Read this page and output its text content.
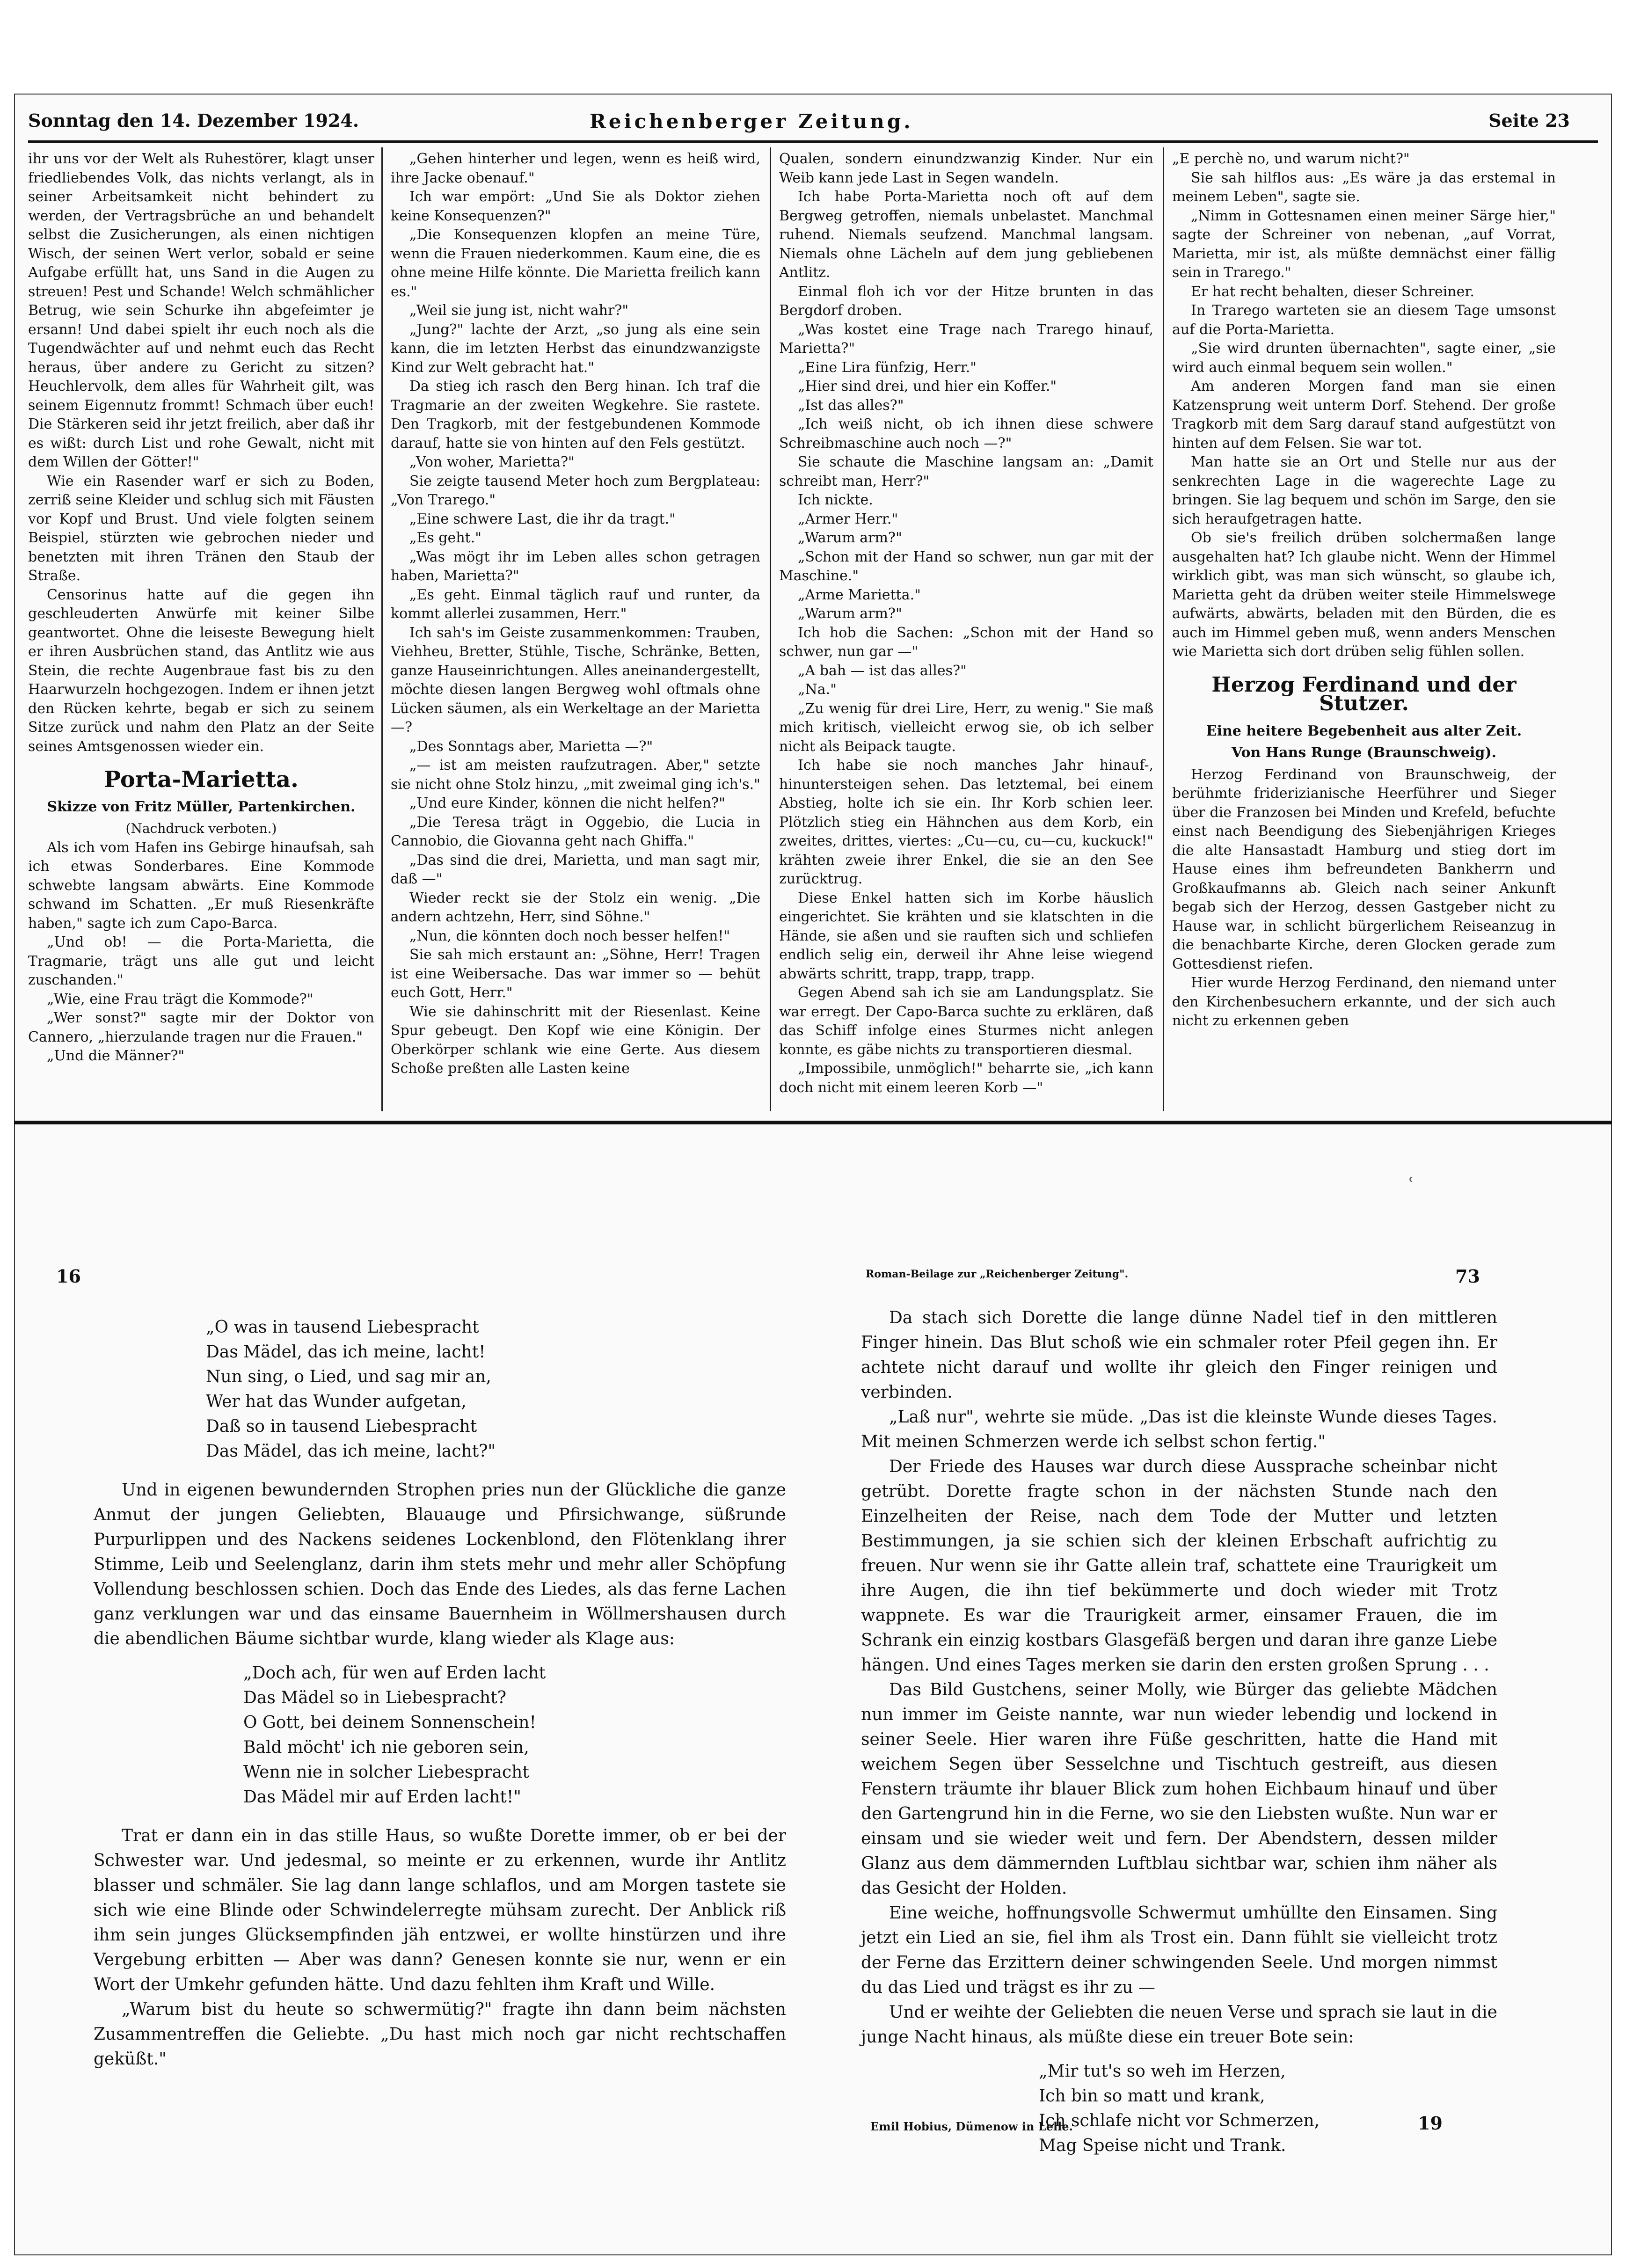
Sonntag den 14. Dezember 1924.	Reichenberger Zeitung.	Seite 23

ihr uns vor der Welt als Ruhestörer, klagt unser friedliebendes Volk, das nichts verlangt, als in seiner Arbeitsamkeit nicht behindert zu werden, der Vertragsbrüche an und behandelt selbst die Zusicherungen, als einen nichtigen Wisch, der seinen Wert verlor, sobald er seine Aufgabe erfüllt hat, uns Sand in die Augen zu streuen! Pest und Schande! Welch schmählicher Betrug, wie sein Schurke ihn abgefeimter je ersann! Und dabei spielt ihr euch noch als die Tugendwächter auf und nehmt euch das Recht heraus, über andere zu Gericht zu sitzen? Heuchlervolk, dem alles für Wahrheit gilt, was seinem Eigennutz frommt! Schmach über euch! Die Stärkeren seid ihr jetzt freilich, aber daß ihr es wißt: durch List und rohe Gewalt, nicht mit dem Willen der Götter!"

Wie ein Rasender warf er sich zu Boden, zerriß seine Kleider und schlug sich mit Fäusten vor Kopf und Brust. Und viele folgten seinem Beispiel, stürzten wie gebrochen nieder und benetzten mit ihren Tränen den Staub der Straße.

Censorinus hatte auf die gegen ihn geschleuderten Anwürfe mit keiner Silbe geantwortet. Ohne die leiseste Bewegung hielt er ihren Ausbrüchen stand, das Antlitz wie aus Stein, die rechte Augenbraue fast bis zu den Haarwurzeln hochgezogen. Indem er ihnen jetzt den Rücken kehrte, begab er sich zu seinem Sitze zurück und nahm den Platz an der Seite seines Amtsgenossen wieder ein.

Porta-Marietta.
Skizze von Fritz Müller, Partenkirchen.
(Nachdruck verboten.)

Als ich vom Hafen ins Gebirge hinaufsah, sah ich etwas Sonderbares. Eine Kommode schwebte langsam abwärts. Eine Kommode schwand im Schatten. „Er muß Riesenkräfte haben," sagte ich zum Capo-Barca.

„Und ob! — die Porta-Marietta, die Tragmarie, trägt uns alle gut und leicht zuschanden."

„Wie, eine Frau trägt die Kommode?"

„Wer sonst?" sagte mir der Doktor von Cannero, „hierzulande tragen nur die Frauen."

„Und die Männer?"

„Gehen hinterher und legen, wenn es heiß wird, ihre Jacke obenauf."

Ich war empört: „Und Sie als Doktor ziehen keine Konsequenzen?"

„Die Konsequenzen klopfen an meine Türe, wenn die Frauen niederkommen. Kaum eine, die es ohne meine Hilfe könnte. Die Marietta freilich kann es."

„Weil sie jung ist, nicht wahr?"

„Jung?" lachte der Arzt, „so jung als eine sein kann, die im letzten Herbst das einundzwanzigste Kind zur Welt gebracht hat."

Da stieg ich rasch den Berg hinan. Ich traf die Tragmarie an der zweiten Wegkehre. Sie rastete. Den Tragkorb, mit der festgebundenen Kommode darauf, hatte sie von hinten auf den Fels gestützt.

„Von woher, Marietta?"

Sie zeigte tausend Meter hoch zum Bergplateau: „Von Trarego."

„Eine schwere Last, die ihr da tragt."

„Es geht."

„Was mögt ihr im Leben alles schon getragen haben, Marietta?"

„Es geht. Einmal täglich rauf und runter, da kommt allerlei zusammen, Herr."

Ich sah's im Geiste zusammenkommen: Trauben, Viehheu, Bretter, Stühle, Tische, Schränke, Betten, ganze Hauseinrichtungen. Alles aneinandergestellt, möchte diesen langen Bergweg wohl oftmals ohne Lücken säumen, als ein Werkeltage an der Marietta —?

„Des Sonntags aber, Marietta —?"

„— ist am meisten raufzutragen. Aber," setzte sie nicht ohne Stolz hinzu, „mit zweimal ging ich's."

„Und eure Kinder, können die nicht helfen?"

„Die Teresa trägt in Oggebio, die Lucia in Cannobio, die Giovanna geht nach Ghiffa."

„Das sind die drei, Marietta, und man sagt mir, daß —"

Wieder reckt sie der Stolz ein wenig. „Die andern achtzehn, Herr, sind Söhne."

„Nun, die könnten doch noch besser helfen!"

Sie sah mich erstaunt an: „Söhne, Herr! Tragen ist eine Weibersache. Das war immer so — behüt euch Gott, Herr."

Wie sie dahinschritt mit der Riesenlast. Keine Spur gebeugt. Den Kopf wie eine Königin. Der Oberkörper schlank wie eine Gerte. Aus diesem Schoße preßten alle Lasten keine

Qualen, sondern einundzwanzig Kinder. Nur ein Weib kann jede Last in Segen wandeln.

Ich habe Porta-Marietta noch oft auf dem Bergweg getroffen, niemals unbelastet. Manchmal ruhend. Niemals seufzend. Manchmal langsam. Niemals ohne Lächeln auf dem jung gebliebenen Antlitz.

Einmal floh ich vor der Hitze brunten in das Bergdorf droben.

„Was kostet eine Trage nach Trarego hinauf, Marietta?"

„Eine Lira fünfzig, Herr."

„Hier sind drei, und hier ein Koffer."

„Ist das alles?"

„Ich weiß nicht, ob ich ihnen diese schwere Schreibmaschine auch noch —?"

Sie schaute die Maschine langsam an: „Damit schreibt man, Herr?"

Ich nickte.

„Armer Herr."

„Warum arm?"

„Schon mit der Hand so schwer, nun gar mit der Maschine."

„Arme Marietta."

„Warum arm?"

Ich hob die Sachen: „Schon mit der Hand so schwer, nun gar —"

„A bah — ist das alles?"

„Na."

„Zu wenig für drei Lire, Herr, zu wenig." Sie maß mich kritisch, vielleicht erwog sie, ob ich selber nicht als Beipack taugte.

Ich habe sie noch manches Jahr hinauf-, hinuntersteigen sehen. Das letztemal, bei einem Abstieg, holte ich sie ein. Ihr Korb schien leer. Plötzlich stieg ein Hähnchen aus dem Korb, ein zweites, drittes, viertes: „Cu—cu, cu—cu, kuckuck!" krähten zweie ihrer Enkel, die sie an den See zurücktrug.

Diese Enkel hatten sich im Korbe häuslich eingerichtet. Sie krähten und sie klatschten in die Hände, sie aßen und sie rauften sich und schliefen endlich selig ein, derweil ihr Ahne leise wiegend abwärts schritt, trapp, trapp, trapp.

Gegen Abend sah ich sie am Landungsplatz. Sie war erregt. Der Capo-Barca suchte zu erklären, daß das Schiff infolge eines Sturmes nicht anlegen konnte, es gäbe nichts zu transportieren diesmal.

„Impossibile, unmöglich!" beharrte sie, „ich kann doch nicht mit einem leeren Korb —"

„E perchè no, und warum nicht?"

Sie sah hilflos aus: „Es wäre ja das erstemal in meinem Leben", sagte sie.

„Nimm in Gottesnamen einen meiner Särge hier," sagte der Schreiner von nebenan, „auf Vorrat, Marietta, mir ist, als müßte demnächst einer fällig sein in Trarego."

Er hat recht behalten, dieser Schreiner.

In Trarego warteten sie an diesem Tage umsonst auf die Porta-Marietta.

„Sie wird drunten übernachten", sagte einer, „sie wird auch einmal bequem sein wollen."

Am anderen Morgen fand man sie einen Katzensprung weit unterm Dorf. Stehend. Der große Tragkorb mit dem Sarg darauf stand aufgestützt von hinten auf dem Felsen. Sie war tot.

Man hatte sie an Ort und Stelle nur aus der senkrechten Lage in die wagerechte Lage zu bringen. Sie lag bequem und schön im Sarge, den sie sich heraufgetragen hatte.

Ob sie's freilich drüben solchermaßen lange ausgehalten hat? Ich glaube nicht. Wenn der Himmel wirklich gibt, was man sich wünscht, so glaube ich, Marietta geht da drüben weiter steile Himmelswege aufwärts, abwärts, beladen mit den Bürden, die es auch im Himmel geben muß, wenn anders Menschen wie Marietta sich dort drüben selig fühlen sollen.

Herzog Ferdinand und der Stutzer.
Eine heitere Begebenheit aus alter Zeit.
Von Hans Runge (Braunschweig).

Herzog Ferdinand von Braunschweig, der berühmte friderizianische Heerführer und Sieger über die Franzosen bei Minden und Krefeld, befuchte einst nach Beendigung des Siebenjährigen Krieges die alte Hansastadt Hamburg und stieg dort im Hause eines ihm befreundeten Bankherrn und Großkaufmanns ab. Gleich nach seiner Ankunft begab sich der Herzog, dessen Gastgeber nicht zu Hause war, in schlicht bürgerlichem Reiseanzug in die benachbarte Kirche, deren Glocken gerade zum Gottesdienst riefen.

Hier wurde Herzog Ferdinand, den niemand unter den Kirchenbesuchern erkannte, und der sich auch nicht zu erkennen geben

ʿ
16
„O was in tausend Liebespracht
Das Mädel, das ich meine, lacht!
Nun sing, o Lied, und sag mir an,
Wer hat das Wunder aufgetan,
Daß so in tausend Liebespracht
Das Mädel, das ich meine, lacht?"

Und in eigenen bewundernden Strophen pries nun der Glückliche die ganze Anmut der jungen Geliebten, Blauauge und Pfirsichwange, süßrunde Purpurlippen und des Nackens seidenes Lockenblond, den Flötenklang ihrer Stimme, Leib und Seelenglanz, darin ihm stets mehr und mehr aller Schöpfung Vollendung beschlossen schien. Doch das Ende des Liedes, als das ferne Lachen ganz verklungen war und das einsame Bauernheim in Wöllmershausen durch die abendlichen Bäume sichtbar wurde, klang wieder als Klage aus:

„Doch ach, für wen auf Erden lacht
Das Mädel so in Liebespracht?
O Gott, bei deinem Sonnenschein!
Bald möcht' ich nie geboren sein,
Wenn nie in solcher Liebespracht
Das Mädel mir auf Erden lacht!"

Trat er dann ein in das stille Haus, so wußte Dorette immer, ob er bei der Schwester war. Und jedesmal, so meinte er zu erkennen, wurde ihr Antlitz blasser und schmäler. Sie lag dann lange schlaflos, und am Morgen tastete sie sich wie eine Blinde oder Schwindelerregte mühsam zurecht. Der Anblick riß ihm sein junges Glücksempfinden jäh entzwei, er wollte hinstürzen und ihre Vergebung erbitten — Aber was dann? Genesen konnte sie nur, wenn er ein Wort der Umkehr gefunden hätte. Und dazu fehlten ihm Kraft und Wille.

„Warum bist du heute so schwermütig?" fragte ihn dann beim nächsten Zusammentreffen die Geliebte. „Du hast mich noch gar nicht rechtschaffen geküßt."

Roman-Beilage zur „Reichenberger Zeitung".	73

Da stach sich Dorette die lange dünne Nadel tief in den mittleren Finger hinein. Das Blut schoß wie ein schmaler roter Pfeil gegen ihn. Er achtete nicht darauf und wollte ihr gleich den Finger reinigen und verbinden.

„Laß nur", wehrte sie müde. „Das ist die kleinste Wunde dieses Tages. Mit meinen Schmerzen werde ich selbst schon fertig."

Der Friede des Hauses war durch diese Aussprache scheinbar nicht getrübt. Dorette fragte schon in der nächsten Stunde nach den Einzelheiten der Reise, nach dem Tode der Mutter und letzten Bestimmungen, ja sie schien sich der kleinen Erbschaft aufrichtig zu freuen. Nur wenn sie ihr Gatte allein traf, schattete eine Traurigkeit um ihre Augen, die ihn tief bekümmerte und doch wieder mit Trotz wappnete. Es war die Traurigkeit armer, einsamer Frauen, die im Schrank ein einzig kostbars Glasgefäß bergen und daran ihre ganze Liebe hängen. Und eines Tages merken sie darin den ersten großen Sprung . . .

Das Bild Gustchens, seiner Molly, wie Bürger das geliebte Mädchen nun immer im Geiste nannte, war nun wieder lebendig und lockend in seiner Seele. Hier waren ihre Füße geschritten, hatte die Hand mit weichem Segen über Sesselchne und Tischtuch gestreift, aus diesen Fenstern träumte ihr blauer Blick zum hohen Eichbaum hinauf und über den Gartengrund hin in die Ferne, wo sie den Liebsten wußte. Nun war er einsam und sie wieder weit und fern. Der Abendstern, dessen milder Glanz aus dem dämmernden Luftblau sichtbar war, schien ihm näher als das Gesicht der Holden.

Eine weiche, hoffnungsvolle Schwermut umhüllte den Einsamen. Sing jetzt ein Lied an sie, fiel ihm als Trost ein. Dann fühlt sie vielleicht trotz der Ferne das Erzittern deiner schwingenden Seele. Und morgen nimmst du das Lied und trägst es ihr zu —

Und er weihte der Geliebten die neuen Verse und sprach sie laut in die junge Nacht hinaus, als müßte diese ein treuer Bote sein:

„Mir tut's so weh im Herzen,
Ich bin so matt und krank,
Ich schlafe nicht vor Schmerzen,
Mag Speise nicht und Trank.
Emil Hobius, Dümenow in Lelle.	19
